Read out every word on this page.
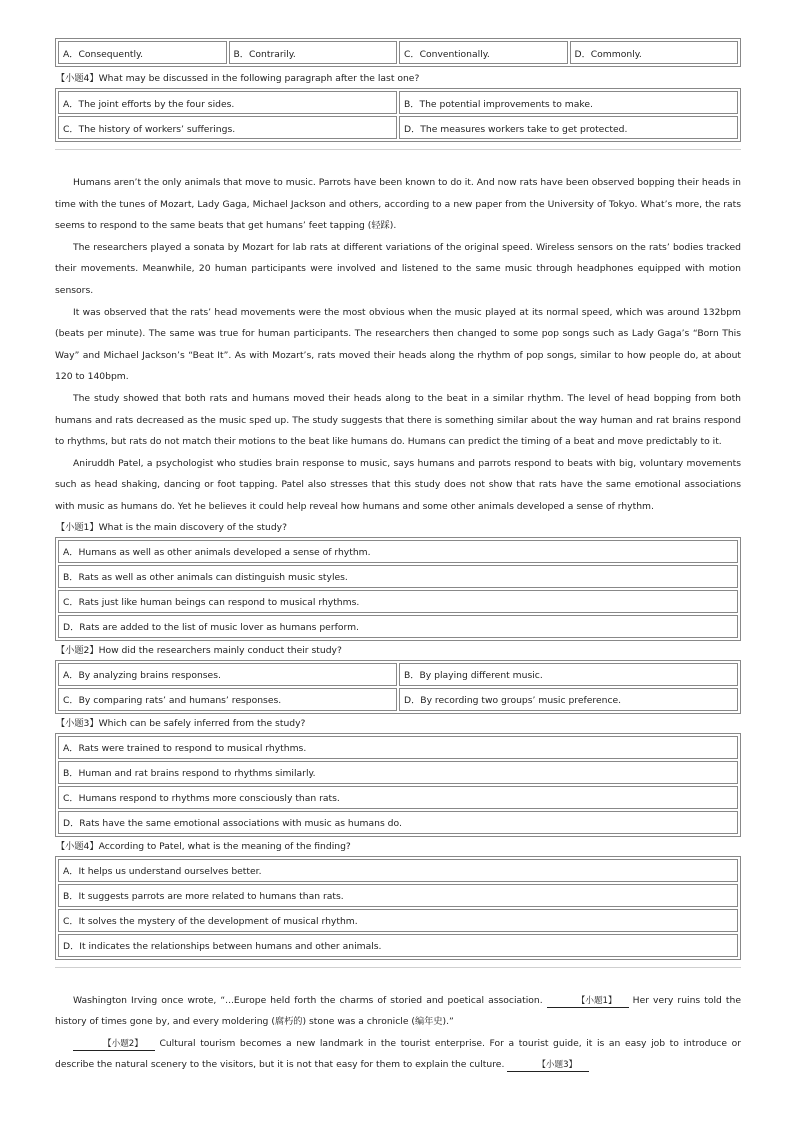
A．Consequently.	B．Contrarily.	C．Conventionally.	D．Commonly.
【小题4】What may be discussed in the following paragraph after the last one?
A．The joint efforts by the four sides.	B．The potential improvements to make.
C．The history of workers’ sufferings.	D．The measures workers take to get protected.

Humans aren’t the only animals that move to music. Parrots have been known to do it. And now rats have been observed bopping their heads in time with the tunes of Mozart, Lady Gaga, Michael Jackson and others, according to a new paper from the University of Tokyo. What’s more, the rats seems to respond to the same beats that get humans’ feet tapping (轻踩).

The researchers played a sonata by Mozart for lab rats at different variations of the original speed. Wireless sensors on the rats’ bodies tracked their movements. Meanwhile, 20 human participants were involved and listened to the same music through headphones equipped with motion sensors.

It was observed that the rats’ head movements were the most obvious when the music played at its normal speed, which was around 132bpm (beats per minute). The same was true for human participants. The researchers then changed to some pop songs such as Lady Gaga’s “Born This Way” and Michael Jackson’s “Beat It”. As with Mozart’s, rats moved their heads along the rhythm of pop songs, similar to how people do, at about 120 to 140bpm.

The study showed that both rats and humans moved their heads along to the beat in a similar rhythm. The level of head bopping from both humans and rats decreased as the music sped up. The study suggests that there is something similar about the way human and rat brains respond to rhythms, but rats do not match their motions to the beat like humans do. Humans can predict the timing of a beat and move predictably to it.

Aniruddh Patel, a psychologist who studies brain response to music, says humans and parrots respond to beats with big, voluntary movements such as head shaking, dancing or foot tapping. Patel also stresses that this study does not show that rats have the same emotional associations with music as humans do. Yet he believes it could help reveal how humans and some other animals developed a sense of rhythm.

【小题1】What is the main discovery of the study?
A．Humans as well as other animals developed a sense of rhythm.
B．Rats as well as other animals can distinguish music styles.
C．Rats just like human beings can respond to musical rhythms.
D．Rats are added to the list of music lover as humans perform.
【小题2】How did the researchers mainly conduct their study?
A．By analyzing brains responses.	B．By playing different music.
C．By comparing rats’ and humans’ responses.	D．By recording two groups’ music preference.
【小题3】Which can be safely inferred from the study?
A．Rats were trained to respond to musical rhythms.
B．Human and rat brains respond to rhythms similarly.
C．Humans respond to rhythms more consciously than rats.
D．Rats have the same emotional associations with music as humans do.
【小题4】According to Patel, what is the meaning of the finding?
A．It helps us understand ourselves better.
B．It suggests parrots are more related to humans than rats.
C．It solves the mystery of the development of musical rhythm.
D．It indicates the relationships between humans and other animals.

Washington Irving once wrote, “...Europe held forth the charms of storied and poetical association.	【小题1】 Her very ruins told the history of times gone by, and every moldering (腐朽的) stone was a chronicle (编年史).”

【小题2】 Cultural tourism becomes a new landmark in the tourist enterprise. For a tourist guide, it is an easy job to introduce or describe the natural scenery to the visitors, but it is not that easy for them to explain the culture.	【小题3】
